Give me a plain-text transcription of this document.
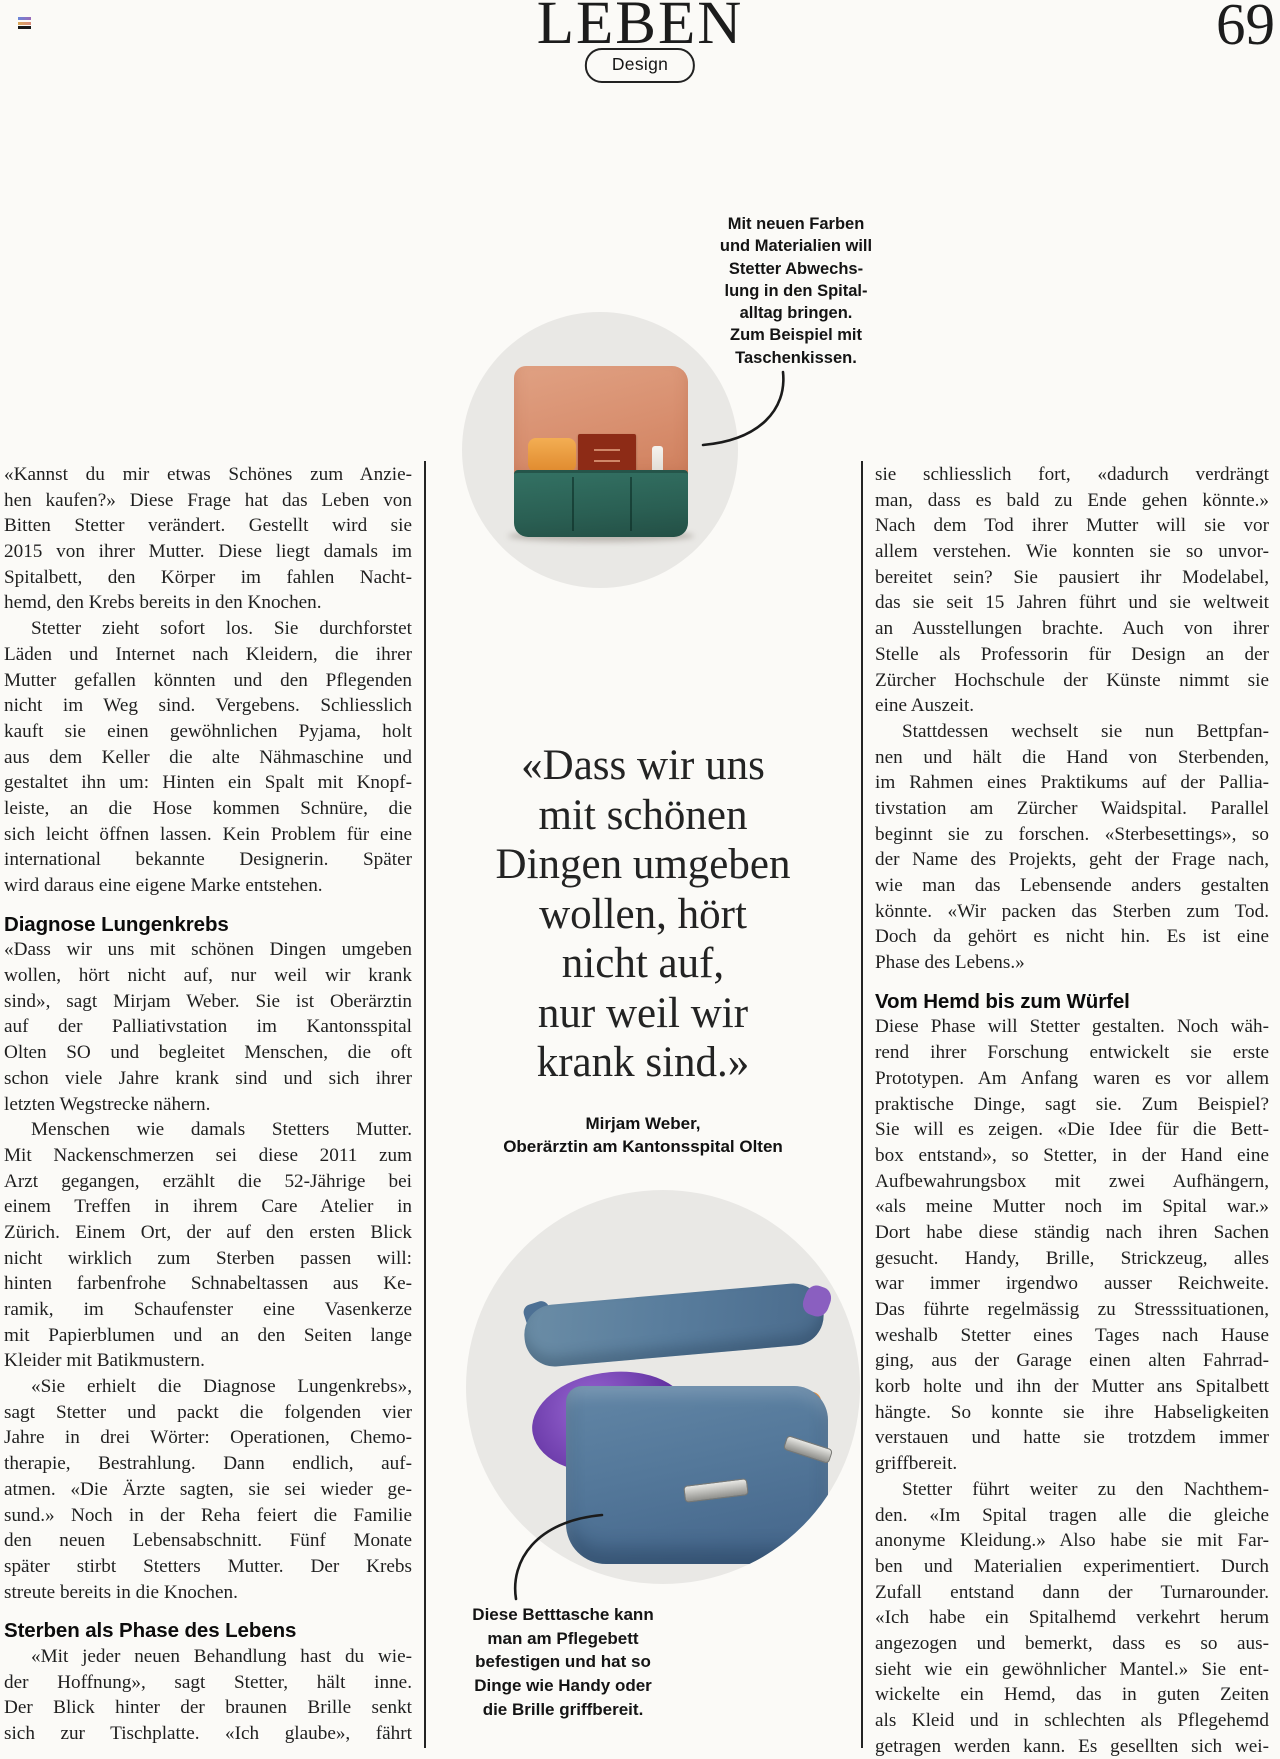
LEBEN	69
Design
Mit neuen Farben
und Materialien will
Stetter Abwechs-
lung in den Spital-
alltag bringen.
Zum Beispiel mit
Taschenkissen.
«Dass wir uns
mit schönen
Dingen umgeben
wollen, hört
nicht auf,
nur weil wir
krank sind.»
Mirjam Weber,
Oberärztin am Kantonsspital Olten
Diese Betttasche kann
man am Pflegebett
befestigen und hat so
Dinge wie Handy oder
die Brille griffbereit.
«Kannst du mir etwas Schönes zum Anzie-
hen kaufen?» Diese Frage hat das Leben von
Bitten Stetter verändert. Gestellt wird sie
2015 von ihrer Mutter. Diese liegt damals im
Spitalbett, den Körper im fahlen Nacht-
hemd, den Krebs bereits in den Knochen.
Stetter zieht sofort los. Sie durchforstet
Läden und Internet nach Kleidern, die ihrer
Mutter gefallen könnten und den Pflegenden
nicht im Weg sind. Vergebens. Schliesslich
kauft sie einen gewöhnlichen Pyjama, holt
aus dem Keller die alte Nähmaschine und
gestaltet ihn um: Hinten ein Spalt mit Knopf-
leiste, an die Hose kommen Schnüre, die
sich leicht öffnen lassen. Kein Problem für eine
international bekannte Designerin. Später
wird daraus eine eigene Marke entstehen.
Diagnose Lungenkrebs
«Dass wir uns mit schönen Dingen umgeben
wollen, hört nicht auf, nur weil wir krank
sind», sagt Mirjam Weber. Sie ist Oberärztin
auf der Palliativstation im Kantonsspital
Olten SO und begleitet Menschen, die oft
schon viele Jahre krank sind und sich ihrer
letzten Wegstrecke nähern.
Menschen wie damals Stetters Mutter.
Mit Nackenschmerzen sei diese 2011 zum
Arzt gegangen, erzählt die 52-Jährige bei
einem Treffen in ihrem Care Atelier in
Zürich. Einem Ort, der auf den ersten Blick
nicht wirklich zum Sterben passen will:
hinten farbenfrohe Schnabeltassen aus Ke-
ramik, im Schaufenster eine Vasenkerze
mit Papierblumen und an den Seiten lange
Kleider mit Batikmustern.
«Sie erhielt die Diagnose Lungenkrebs»,
sagt Stetter und packt die folgenden vier
Jahre in drei Wörter: Operationen, Chemo-
therapie, Bestrahlung. Dann endlich, auf-
atmen. «Die Ärzte sagten, sie sei wieder ge-
sund.» Noch in der Reha feiert die Familie
den neuen Lebensabschnitt. Fünf Monate
später stirbt Stetters Mutter. Der Krebs
streute bereits in die Knochen.
Sterben als Phase des Lebens
«Mit jeder neuen Behandlung hast du wie-
der Hoffnung», sagt Stetter, hält inne.
Der Blick hinter der braunen Brille senkt
sich zur Tischplatte. «Ich glaube», fährt
sie schliesslich fort, «dadurch verdrängt
man, dass es bald zu Ende gehen könnte.»
Nach dem Tod ihrer Mutter will sie vor
allem verstehen. Wie konnten sie so unvor-
bereitet sein? Sie pausiert ihr Modelabel,
das sie seit 15 Jahren führt und sie weltweit
an Ausstellungen brachte. Auch von ihrer
Stelle als Professorin für Design an der
Zürcher Hochschule der Künste nimmt sie
eine Auszeit.
Stattdessen wechselt sie nun Bettpfan-
nen und hält die Hand von Sterbenden,
im Rahmen eines Praktikums auf der Pallia-
tivstation am Zürcher Waidspital. Parallel
beginnt sie zu forschen. «Sterbesettings», so
der Name des Projekts, geht der Frage nach,
wie man das Lebensende anders gestalten
könnte. «Wir packen das Sterben zum Tod.
Doch da gehört es nicht hin. Es ist eine
Phase des Lebens.»
Vom Hemd bis zum Würfel
Diese Phase will Stetter gestalten. Noch wäh-
rend ihrer Forschung entwickelt sie erste
Prototypen. Am Anfang waren es vor allem
praktische Dinge, sagt sie. Zum Beispiel?
Sie will es zeigen. «Die Idee für die Bett-
box entstand», so Stetter, in der Hand eine
Aufbewahrungsbox mit zwei Aufhängern,
«als meine Mutter noch im Spital war.»
Dort habe diese ständig nach ihren Sachen
gesucht. Handy, Brille, Strickzeug, alles
war immer irgendwo ausser Reichweite.
Das führte regelmässig zu Stresssituationen,
weshalb Stetter eines Tages nach Hause
ging, aus der Garage einen alten Fahrrad-
korb holte und ihn der Mutter ans Spitalbett
hängte. So konnte sie ihre Habseligkeiten
verstauen und hatte sie trotzdem immer
griffbereit.
Stetter führt weiter zu den Nachthem-
den. «Im Spital tragen alle die gleiche
anonyme Kleidung.» Also habe sie mit Far-
ben und Materialien experimentiert. Durch
Zufall entstand dann der Turnarounder.
«Ich habe ein Spitalhemd verkehrt herum
angezogen und bemerkt, dass es so aus-
sieht wie ein gewöhnlicher Mantel.» Sie ent-
wickelte ein Hemd, das in guten Zeiten
als Kleid und in schlechten als Pflegehemd
getragen werden kann. Es gesellten sich wei-
